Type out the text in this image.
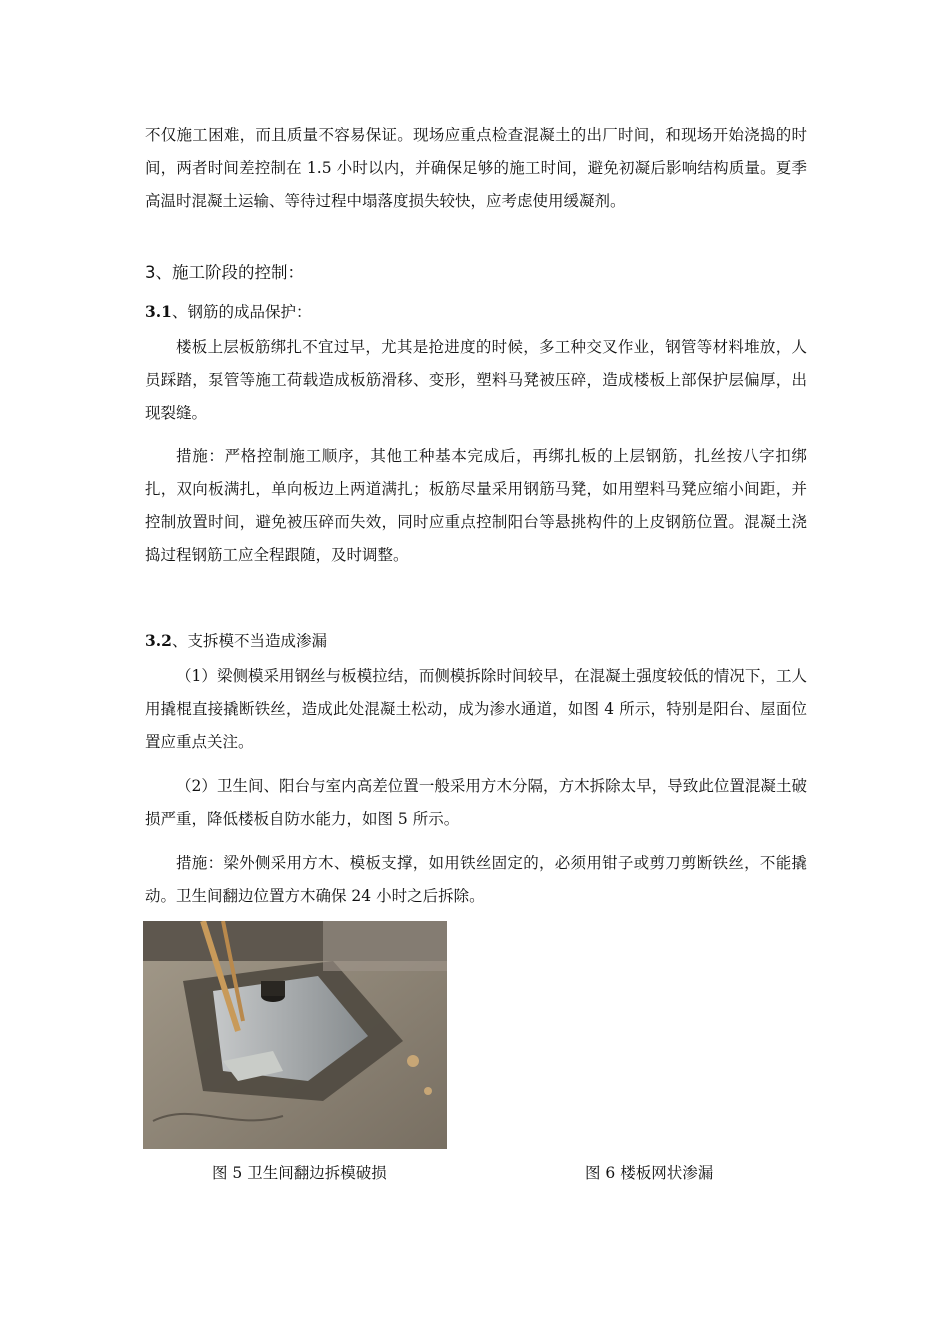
不仅施工困难，而且质量不容易保证。现场应重点检查混凝土的出厂时间，和现场开始浇捣的时间，两者时间差控制在 1.5 小时以内，并确保足够的施工时间，避免初凝后影响结构质量。夏季高温时混凝土运输、等待过程中塌落度损失较快，应考虑使用缓凝剂。

3、施工阶段的控制：

3.1、钢筋的成品保护：

楼板上层板筋绑扎不宜过早，尤其是抢进度的时候，多工种交叉作业，钢管等材料堆放，人员踩踏，泵管等施工荷载造成板筋滑移、变形，塑料马凳被压碎，造成楼板上部保护层偏厚，出现裂缝。

措施：严格控制施工顺序，其他工种基本完成后，再绑扎板的上层钢筋，扎丝按八字扣绑扎，双向板满扎，单向板边上两道满扎；板筋尽量采用钢筋马凳，如用塑料马凳应缩小间距，并控制放置时间，避免被压碎而失效，同时应重点控制阳台等悬挑构件的上皮钢筋位置。混凝土浇捣过程钢筋工应全程跟随，及时调整。

3.2、支拆模不当造成渗漏

（1）梁侧模采用钢丝与板模拉结，而侧模拆除时间较早，在混凝土强度较低的情况下，工人用撬棍直接撬断铁丝，造成此处混凝土松动，成为渗水通道，如图 4 所示，特别是阳台、屋面位置应重点关注。

（2）卫生间、阳台与室内高差位置一般采用方木分隔，方木拆除太早，导致此位置混凝土破损严重，降低楼板自防水能力，如图 5 所示。

措施：梁外侧采用方木、模板支撑，如用铁丝固定的，必须用钳子或剪刀剪断铁丝，不能撬动。卫生间翻边位置方木确保 24 小时之后拆除。

图 5 卫生间翻边拆模破损	图 6 楼板网状渗漏
